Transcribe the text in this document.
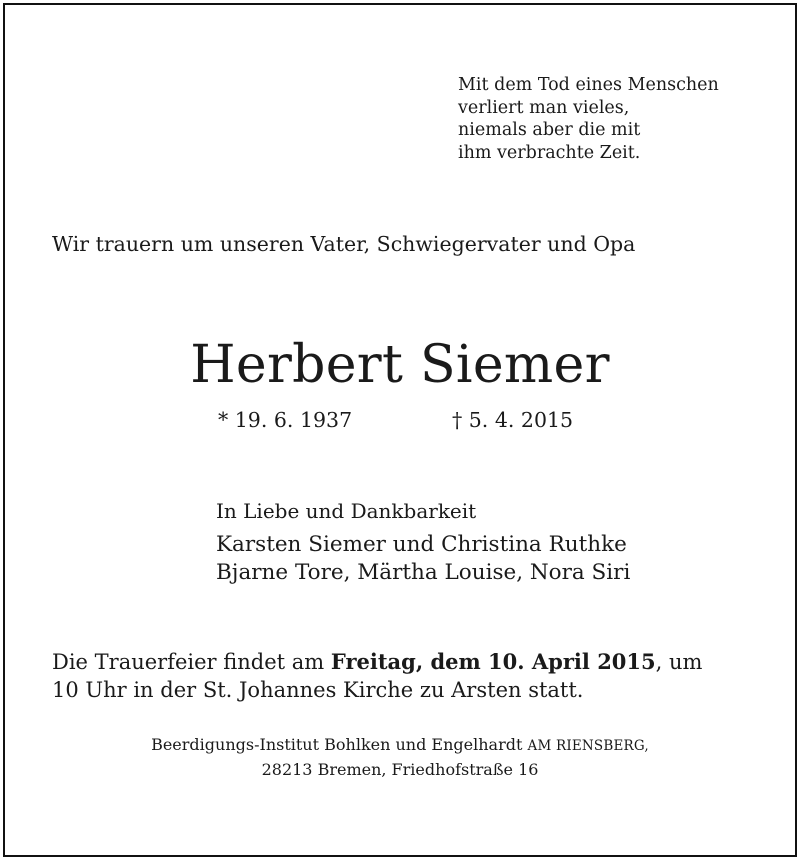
Mit dem Tod eines Menschen
verliert man vieles,
niemals aber die mit
ihm verbrachte Zeit.
Wir trauern um unseren Vater, Schwiegervater und Opa
Herbert Siemer
* 19. 6. 1937	† 5. 4. 2015
In Liebe und Dankbarkeit
Karsten Siemer und Christina Ruthke
Bjarne Tore, Märtha Louise, Nora Siri
Die Trauerfeier findet am Freitag, dem 10. April 2015, um
10 Uhr in der St. Johannes Kirche zu Arsten statt.
Beerdigungs-Institut Bohlken und Engelhardt AM RIENSBERG,
28213 Bremen, Friedhofstraße 16
